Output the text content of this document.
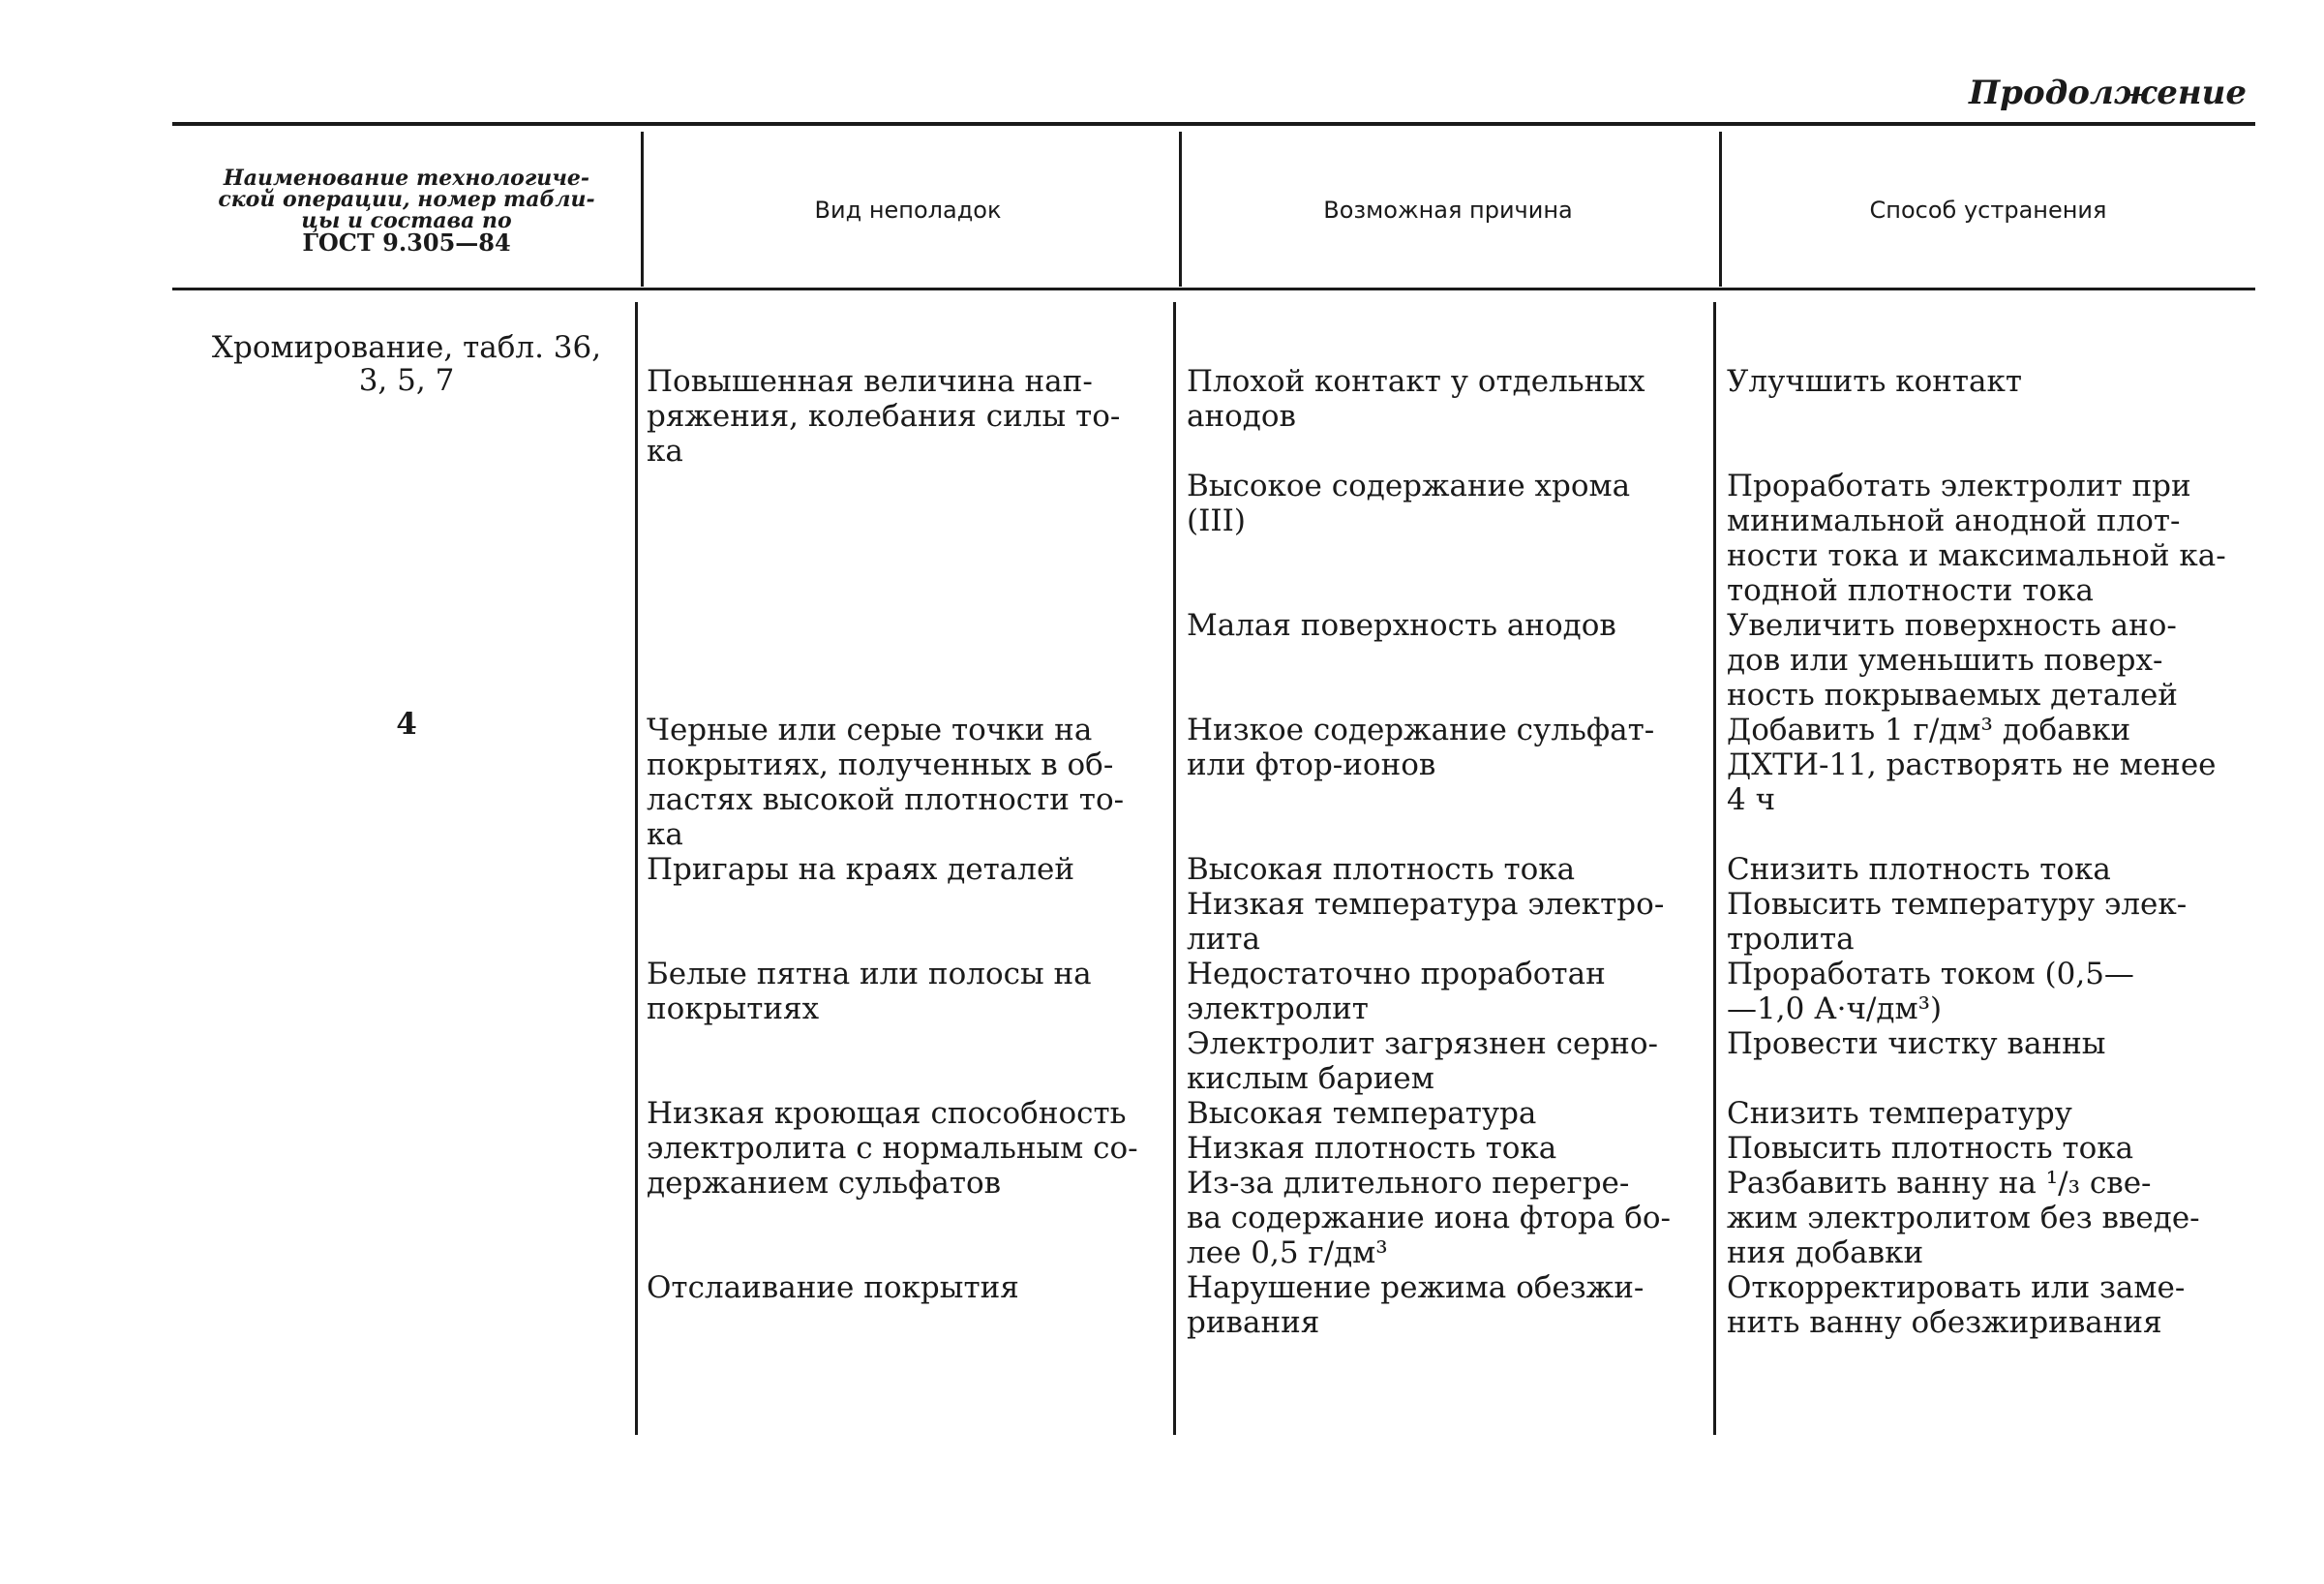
Продолжение
Наименование технологиче-
ской операции, номер табли-
цы и состава по
ГОСТ 9.305—84
Вид неполадок	Возможная причина	Способ устранения
Хромирование, табл. 36,
3, 5, 7
4
Повышенная величина нап-
ряжения, колебания силы то-
ка
Черные или серые точки на
покрытиях, полученных в об-
ластях высокой плотности то-
ка
Пригары на краях деталей
Белые пятна или полосы на
покрытиях
Низкая кроющая способность
электролита с нормальным со-
держанием сульфатов
Отслаивание покрытия
Плохой контакт у отдельных
анодов
Высокое содержание хрома
(III)
Малая поверхность анодов
Низкое содержание сульфат-
или фтор-ионов
Высокая плотность тока
Низкая температура электро-
лита
Недостаточно проработан
электролит
Электролит загрязнен серно-
кислым барием
Высокая температура
Низкая плотность тока
Из-за длительного перегре-
ва содержание иона фтора бо-
лее 0,5 г/дм³
Нарушение режима обезжи-
ривания
Улучшить контакт
Проработать электролит при
минимальной анодной плот-
ности тока и максимальной ка-
тодной плотности тока
Увеличить поверхность ано-
дов или уменьшить поверх-
ность покрываемых деталей
Добавить 1 г/дм³ добавки
ДХТИ-11, растворять не менее
4 ч
Снизить плотность тока
Повысить температуру элек-
тролита
Проработать током (0,5—
—1,0 А·ч/дм³)
Провести чистку ванны
Снизить температуру
Повысить плотность тока
Разбавить ванну на ¹/₃ све-
жим электролитом без введе-
ния добавки
Откорректировать или заме-
нить ванну обезжиривания
